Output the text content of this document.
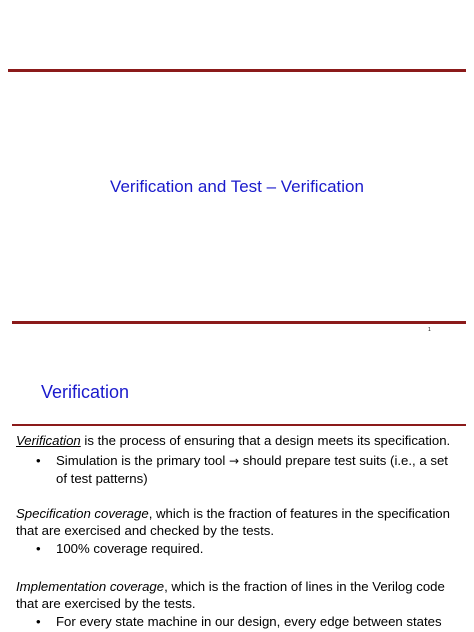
Verification and Test – Verification
1
Verification
Verification is the process of ensuring that a design meets its specification.
• Simulation is the primary tool → should prepare test suits (i.e., a set
of test patterns)
Specification coverage, which is the fraction of features in the specification
that are exercised and checked by the tests.
• 100% coverage required.
Implementation coverage, which is the fraction of lines in the Verilog code
that are exercised by the tests.
• For every state machine in our design, every edge between states
